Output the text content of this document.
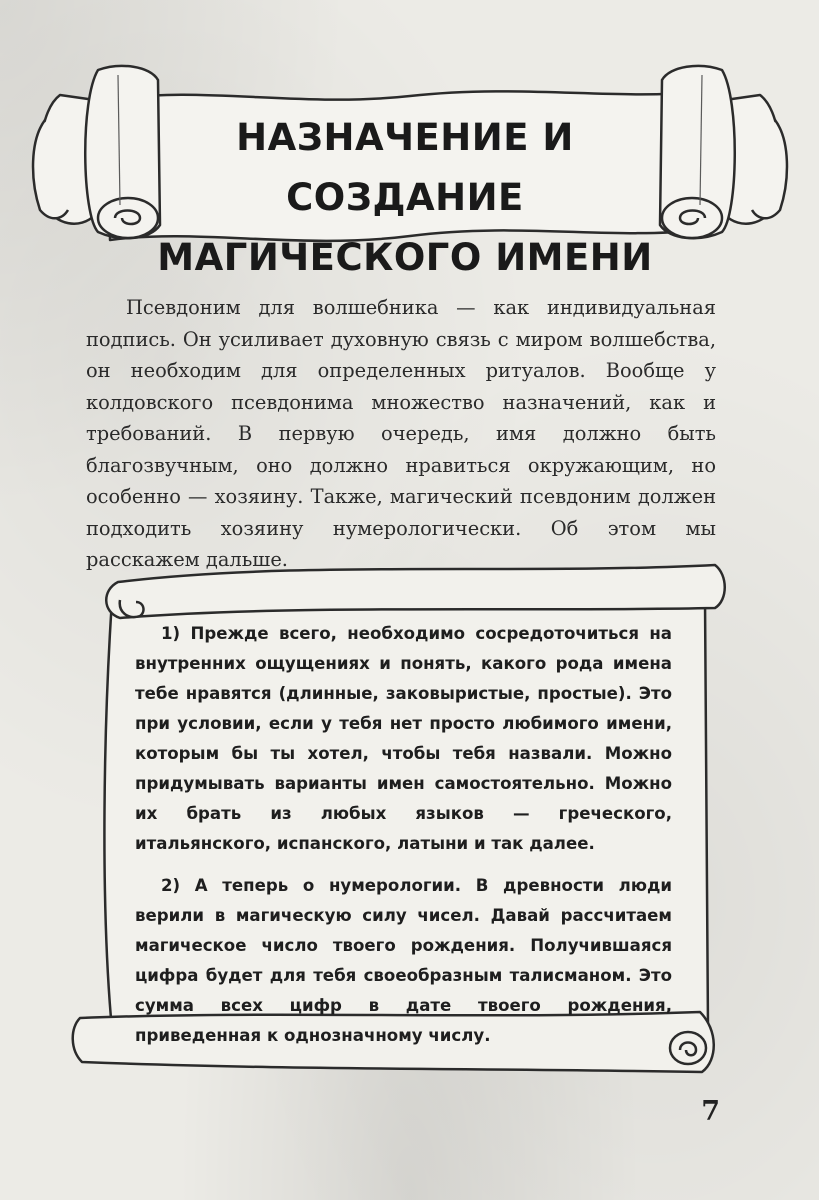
НАЗНАЧЕНИЕ И СОЗДАНИЕ
МАГИЧЕСКОГО ИМЕНИ

Псевдоним для волшебника — как индивидуальная подпись. Он усиливает духовную связь с миром волшебства, он необходим для определенных ритуалов. Вообще у колдовского псевдонима множество назначений, как и требований. В первую очередь, имя должно быть благозвучным, оно должно нравиться окружающим, но особенно — хозяину. Также, магический псевдоним должен подходить хозяину нумерологически. Об этом мы расскажем дальше.

1) Прежде всего, необходимо сосредоточиться на внутренних ощущениях и понять, какого рода имена тебе нравятся (длинные, заковыристые, простые). Это при условии, если у тебя нет просто любимого имени, которым бы ты хотел, чтобы тебя назвали. Можно придумывать варианты имен самостоятельно. Можно их брать из любых языков — греческого, итальянского, испанского, латыни и так далее.

2) А теперь о нумерологии. В древности люди верили в магическую силу чисел. Давай рассчитаем магическое число твоего рождения. Получившаяся цифра будет для тебя своеобразным талисманом. Это сумма всех цифр в дате твоего рождения, приведенная к однозначному числу.

7
